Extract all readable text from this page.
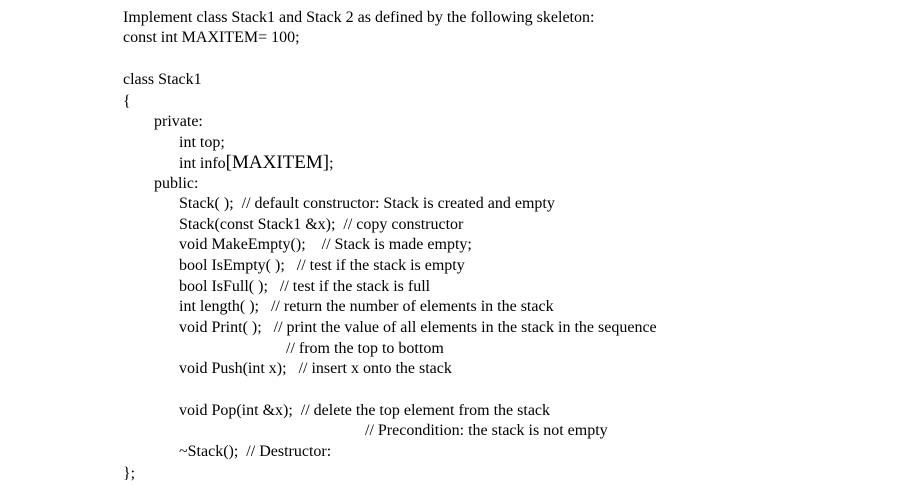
Implement class Stack1 and Stack 2 as defined by the following skeleton:
const int MAXITEM= 100;
class Stack1
{
private:
int top;
int info[MAXITEM];
public:
Stack( );  // default constructor: Stack is created and empty
Stack(const Stack1 &x);  // copy constructor
void MakeEmpty();    // Stack is made empty;
bool IsEmpty( );   // test if the stack is empty
bool IsFull( );   // test if the stack is full
int length( );   // return the number of elements in the stack
void Print( );   // print the value of all elements in the stack in the sequence
// from the top to bottom
void Push(int x);   // insert x onto the stack
void Pop(int &x);  // delete the top element from the stack
// Precondition: the stack is not empty
~Stack();  // Destructor:
};
